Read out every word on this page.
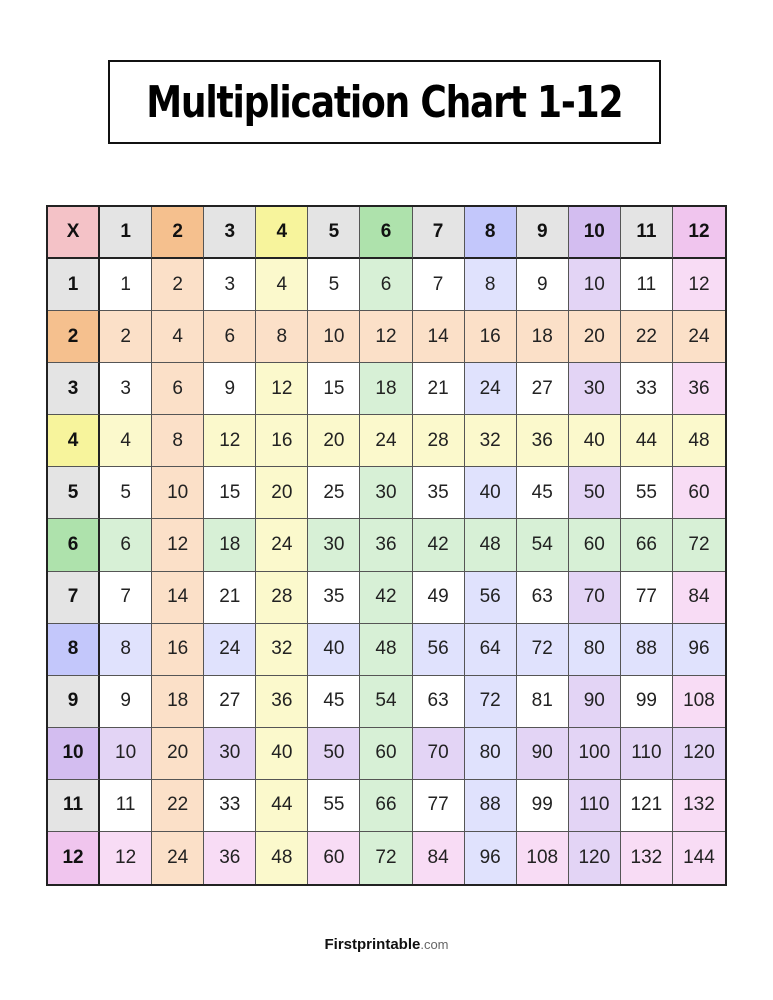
Multiplication Chart 1-12
X	1	2	3	4	5	6	7	8	9	10	11	12
1	1	2	3	4	5	6	7	8	9	10	11	12
2	2	4	6	8	10	12	14	16	18	20	22	24
3	3	6	9	12	15	18	21	24	27	30	33	36
4	4	8	12	16	20	24	28	32	36	40	44	48
5	5	10	15	20	25	30	35	40	45	50	55	60
6	6	12	18	24	30	36	42	48	54	60	66	72
7	7	14	21	28	35	42	49	56	63	70	77	84
8	8	16	24	32	40	48	56	64	72	80	88	96
9	9	18	27	36	45	54	63	72	81	90	99	108
10	10	20	30	40	50	60	70	80	90	100	110	120
11	11	22	33	44	55	66	77	88	99	110	121	132
12	12	24	36	48	60	72	84	96	108	120	132	144
Firstprintable.com
